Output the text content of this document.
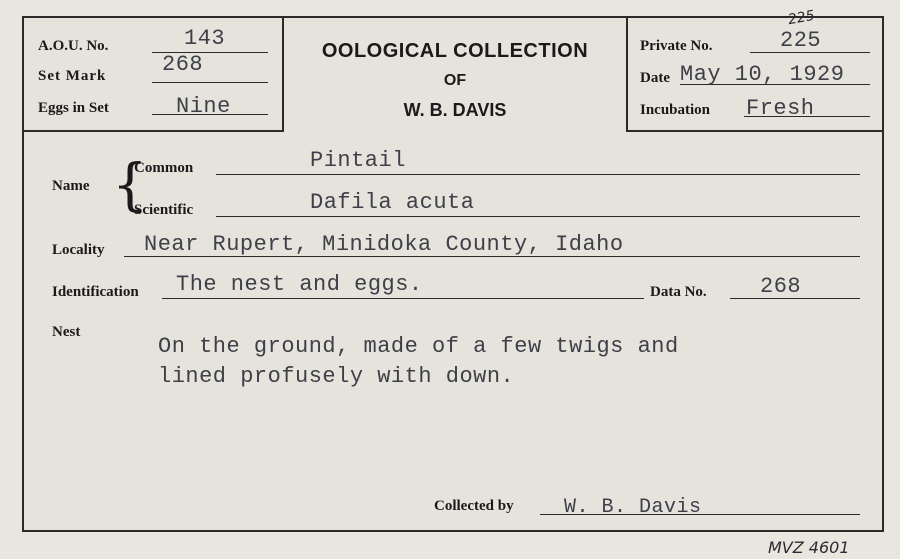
A.O.U. No.	143
Set Mark	268
Eggs in Set	Nine
OOLOGICAL COLLECTION
OF
W. B. DAVIS
Private No.	225
225
Date May 10, 1929
Incubation Fresh
Name {
Common	Pintail
Scientific	Dafila acuta
Locality Near Rupert, Minidoka County, Idaho
Identification The nest and eggs.	Data No. 268
Nest
On the ground, made of a few twigs and
lined profusely with down.
Collected by	W. B. Davis
MVZ 4601
